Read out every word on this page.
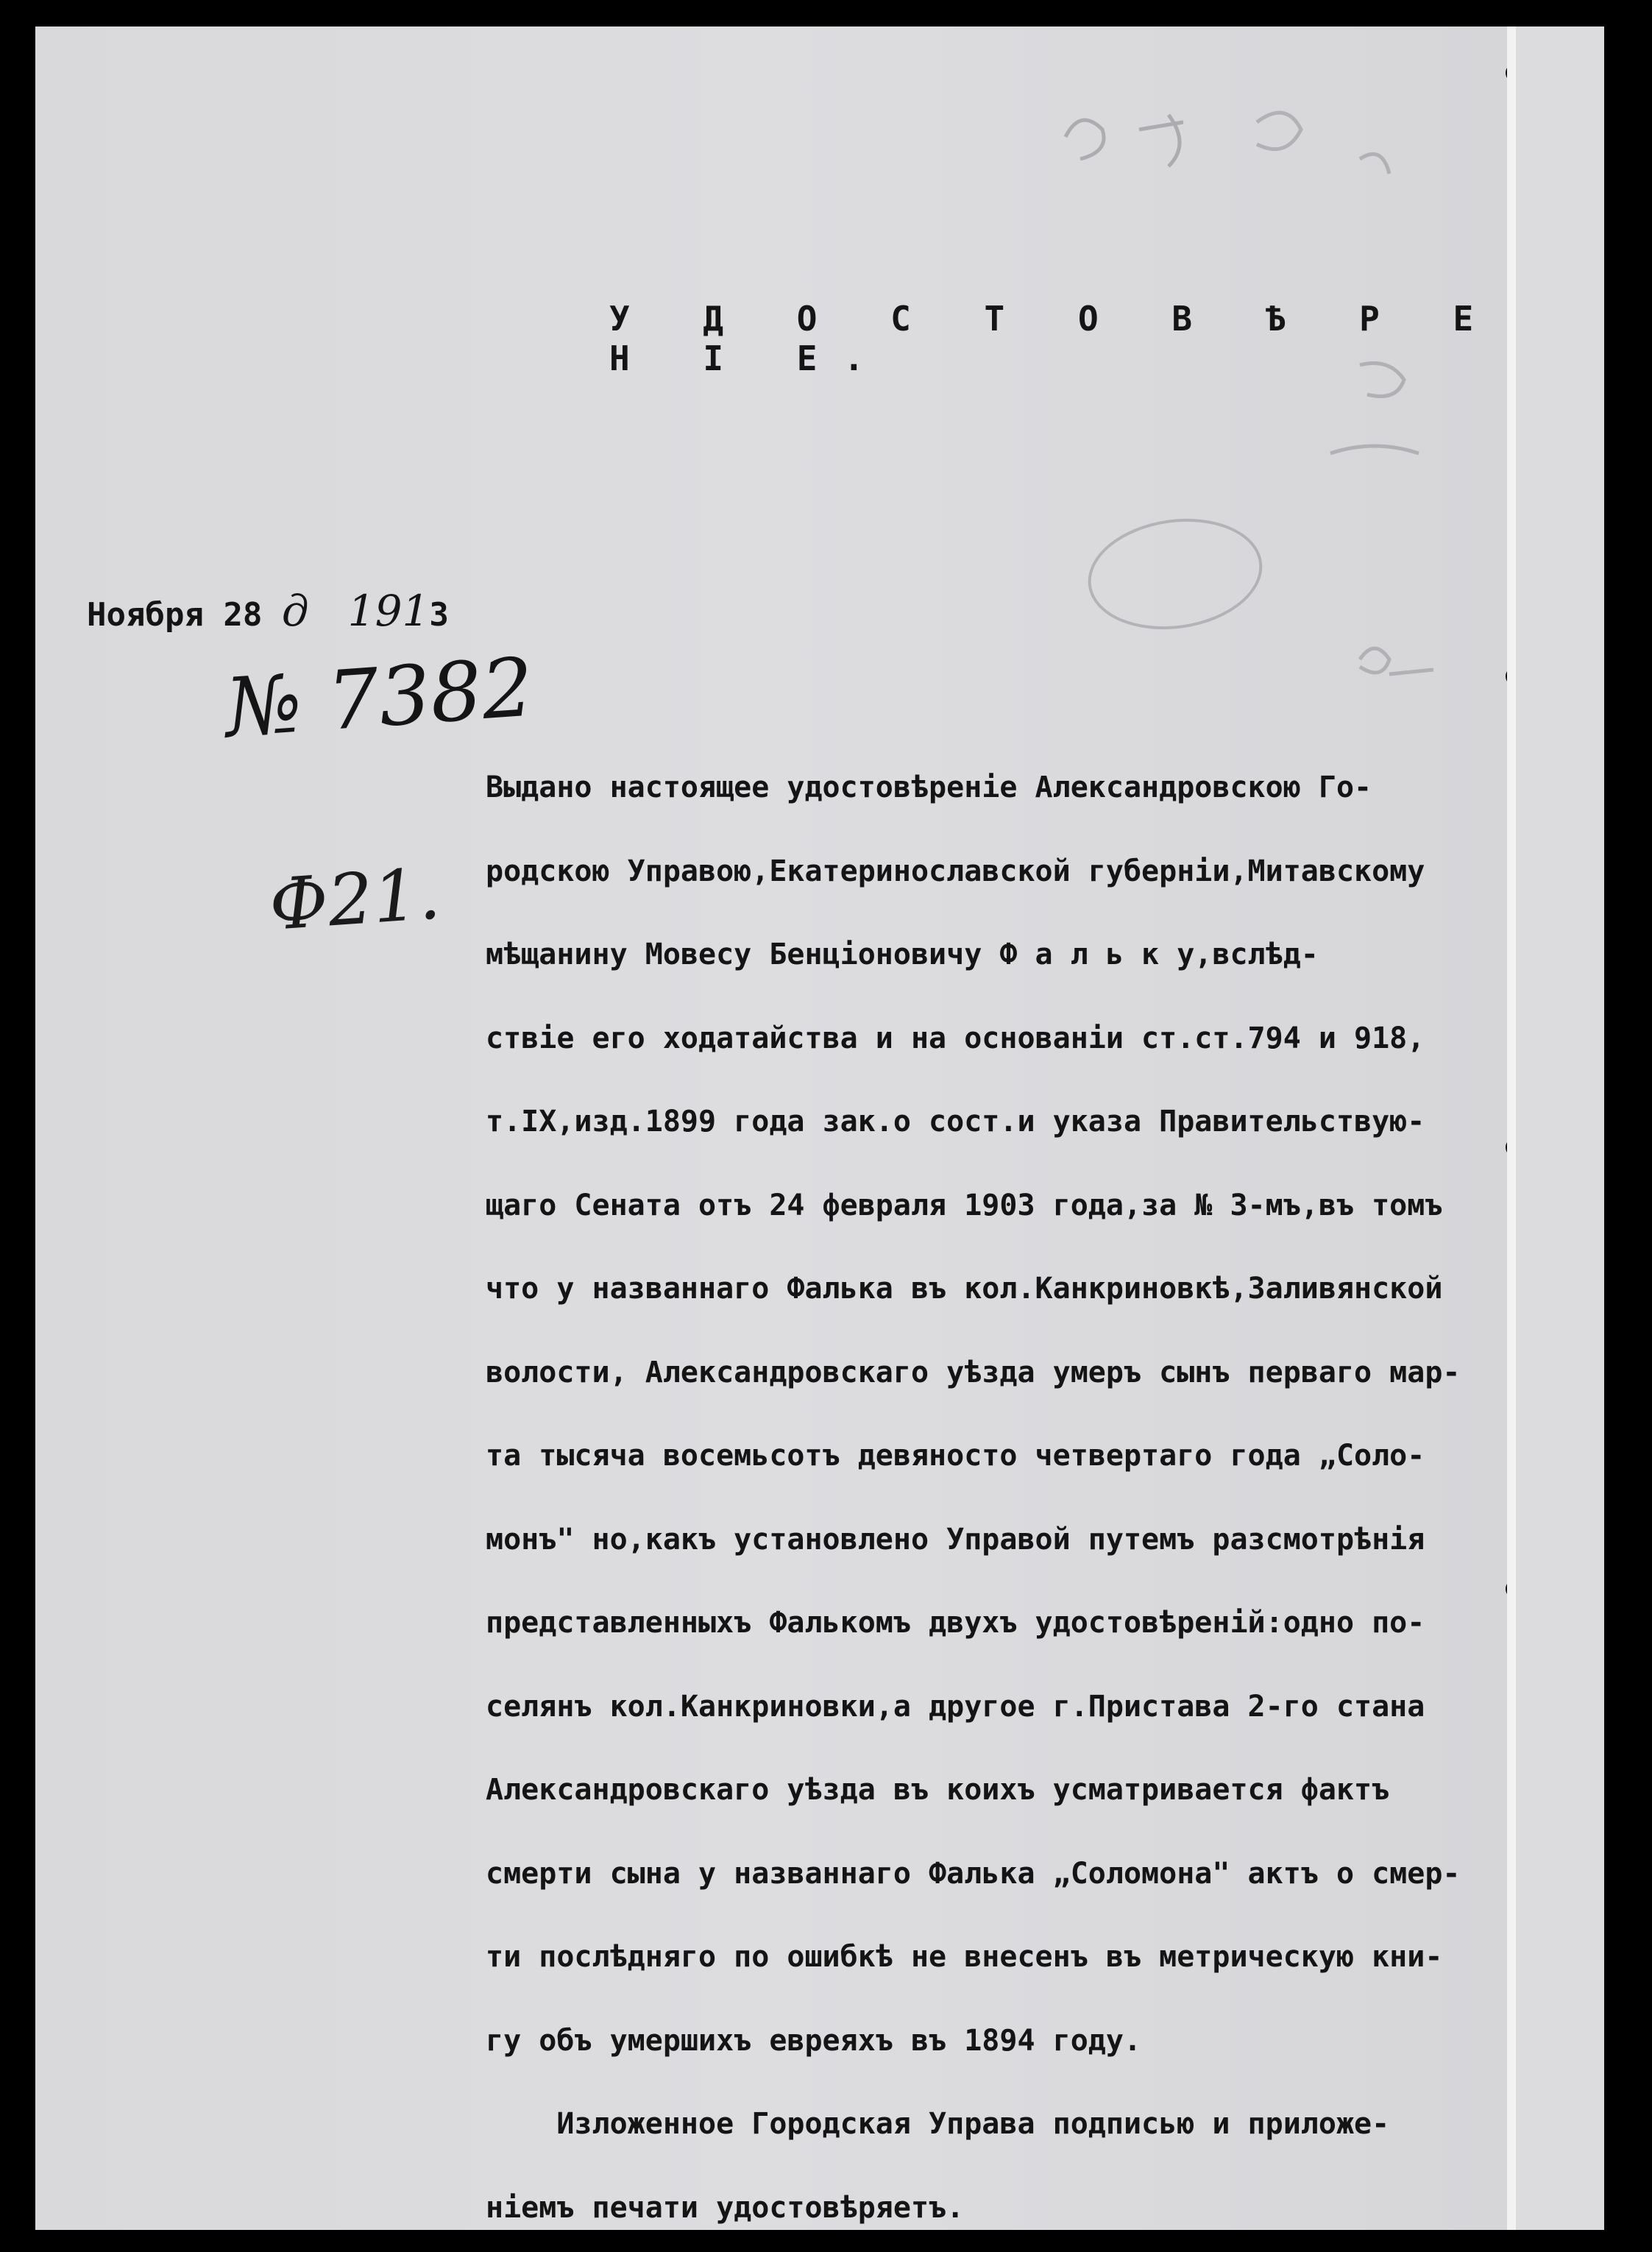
У Д О С Т О В Ѣ Р Е Н І Е.

Ноября 28 д 1913

№ 7382

Ф21.

Выдано настоящее удостовѣреніе Александровскою Го-
родскою Управою,Екатеринославской губерніи,Митавскому
мѣщанину Мовесу Бенціоновичу Ф а л ь к у,вслѣд-
ствіе его ходатайства и на основаніи ст.ст.794 и 918,
т.IX,изд.1899 года зак.о сост.и указа Правительствую-
щаго Сената отъ 24 февраля 1903 года,за № 3-мъ,въ томъ
что у названнаго Фалька въ кол.Канкриновкѣ,Заливянской
волости, Александровскаго уѣзда умеръ сынъ перваго мар-
та тысяча восемьсотъ девяносто четвертаго года „Соло-
монъ" но,какъ установлено Управой путемъ разсмотрѣнія
представленныхъ Фалькомъ двухъ удостовѣреній:одно по-
селянъ кол.Канкриновки,а другое г.Пристава 2-го стана
Александровскаго уѣзда въ коихъ усматривается фактъ
смерти сына у названнаго Фалька „Соломона" актъ о смер-
ти послѣдняго по ошибкѣ не внесенъ въ метрическую кни-
гу объ умершихъ евреяхъ въ 1894 году.
Изложенное Городская Управа подписью и приложе-
ніемъ печати удостовѣряетъ.
